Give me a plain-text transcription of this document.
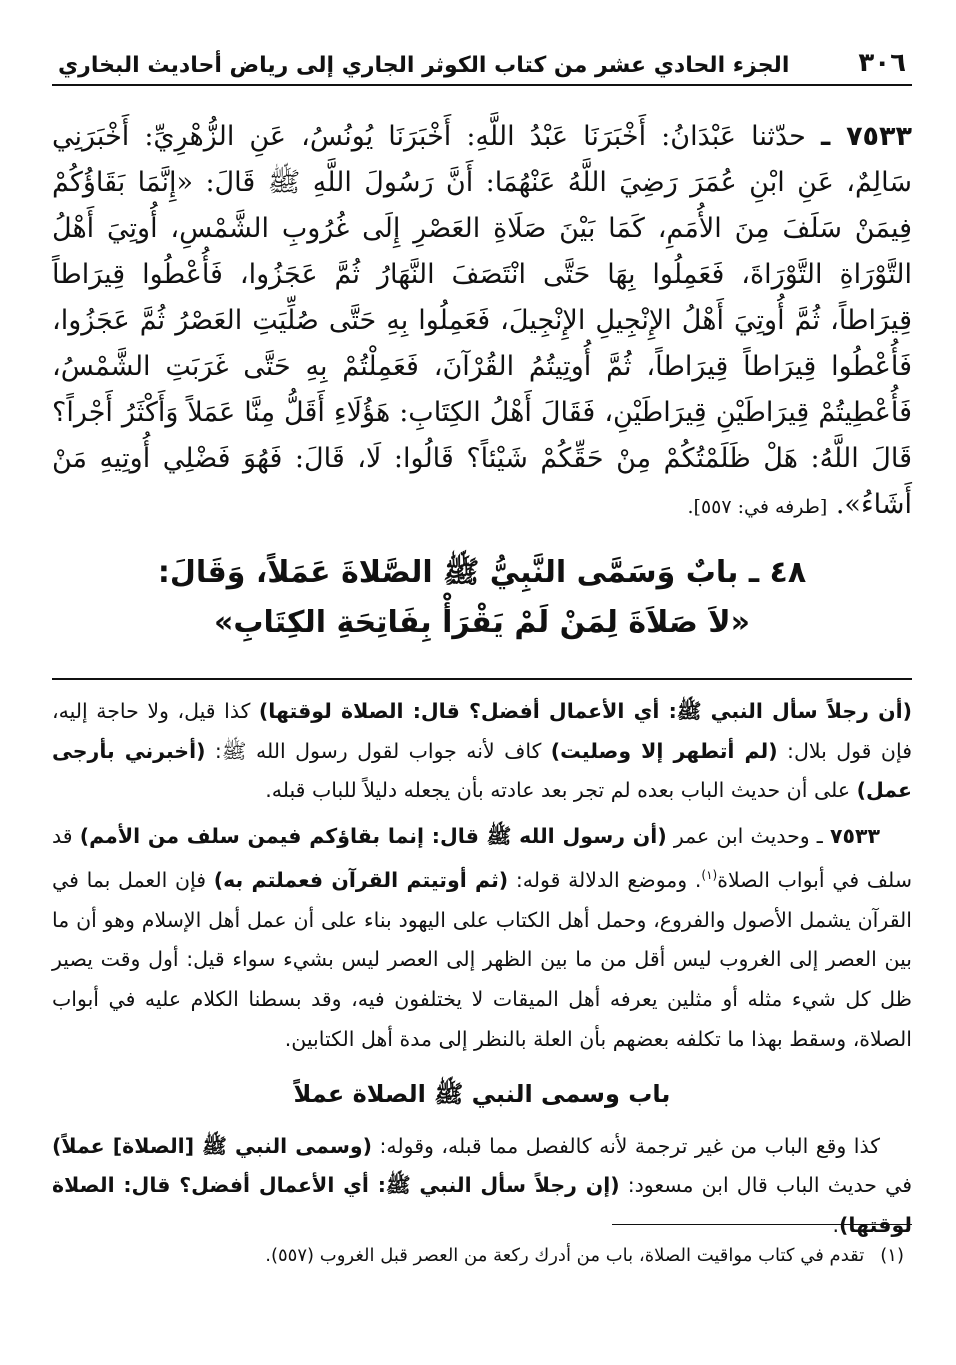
٣٠٦
الجزء الحادي عشر من كتاب الكوثر الجاري إلى رياض أحاديث البخاري
٧٥٣٣ ـ حدّثنا عَبْدَانُ: أَخْبَرَنَا عَبْدُ اللَّهِ: أَخْبَرَنَا يُونُسُ، عَنِ الزُّهْرِيِّ: أَخْبَرَنِي سَالِمٌ، عَنِ ابْنِ عُمَرَ رَضِيَ اللَّهُ عَنْهُمَا: أَنَّ رَسُولَ اللَّهِ ﷺ قَالَ: «إِنَّمَا بَقَاؤُكُمْ فِيمَنْ سَلَفَ مِنَ الأُمَمِ، كَمَا بَيْنَ صَلَاةِ العَصْرِ إِلَى غُرُوبِ الشَّمْسِ، أُوتِيَ أَهْلُ التَّوْرَاةِ التَّوْرَاةَ، فَعَمِلُوا بِهَا حَتَّى انْتَصَفَ النَّهَارُ ثُمَّ عَجَزُوا، فَأُعْطُوا قِيرَاطاً قِيرَاطاً، ثُمَّ أُوتِيَ أَهْلُ الإِنْجِيلِ الإِنْجِيلَ، فَعَمِلُوا بِهِ حَتَّى صُلِّيَتِ العَصْرُ ثُمَّ عَجَزُوا، فَأُعْطُوا قِيرَاطاً قِيرَاطاً، ثُمَّ أُوتِيتُمُ القُرْآنَ، فَعَمِلْتُمْ بِهِ حَتَّى غَرَبَتِ الشَّمْسُ، فَأُعْطِيتُمْ قِيرَاطَيْنِ قِيرَاطَيْنِ، فَقَالَ أَهْلُ الكِتَابِ: هَؤُلَاءِ أَقَلُّ مِنَّا عَمَلاً وَأَكْثَرُ أَجْراً؟ قَالَ اللَّهُ: هَلْ ظَلَمْتُكُمْ مِنْ حَقِّكُمْ شَيْئاً؟ قَالُوا: لَا، قَالَ: فَهُوَ فَضْلِي أُوتِيهِ مَنْ أَشَاءُ». [طرفه في: ٥٥٧].
٤٨ ـ بابٌ وَسَمَّى النَّبِيُّ ﷺ الصَّلاةَ عَمَلاً، وَقَالَ:
«لاَ صَلاَةَ لِمَنْ لَمْ يَقْرَأْ بِفَاتِحَةِ الكِتَابِ»

(أن رجلاً سأل النبي ﷺ: أي الأعمال أفضل؟ قال: الصلاة لوقتها) كذا قيل، ولا حاجة إليه، فإن قول بلال: (لم أتطهر إلا وصليت) كاف لأنه جواب لقول رسول الله ﷺ: (أخبرني بأرجى عمل) على أن حديث الباب بعده لم تجر بعد عادته بأن يجعله دليلاً للباب قبله.

٧٥٣٣ ـ وحديث ابن عمر (أن رسول الله ﷺ قال: إنما بقاؤكم فيمن سلف من الأمم) قد سلف في أبواب الصلاة$^{(١)}$. وموضع الدلالة قوله: (ثم أوتيتم القرآن فعملتم به) فإن العمل بما في القرآن يشمل الأصول والفروع، وحمل أهل الكتاب على اليهود بناء على أن عمل أهل الإسلام وهو أن ما بين العصر إلى الغروب ليس أقل من ما بين الظهر إلى العصر ليس بشيء سواء قيل: أول وقت يصير ظل كل شيء مثله أو مثلين يعرفه أهل الميقات لا يختلفون فيه، وقد بسطنا الكلام عليه في أبواب الصلاة، وسقط بهذا ما تكلفه بعضهم بأن العلة بالنظر إلى مدة أهل الكتابين.

باب وسمى النبي ﷺ الصلاة عملاً

كذا وقع الباب من غير ترجمة لأنه كالفصل مما قبله، وقوله: (وسمى النبي ﷺ [الصلاة] عملاً) في حديث الباب قال ابن مسعود: (إن رجلاً سأل النبي ﷺ: أي الأعمال أفضل؟ قال: الصلاة لوقتها).

(١)تقدم في كتاب مواقيت الصلاة، باب من أدرك ركعة من العصر قبل الغروب (٥٥٧).
